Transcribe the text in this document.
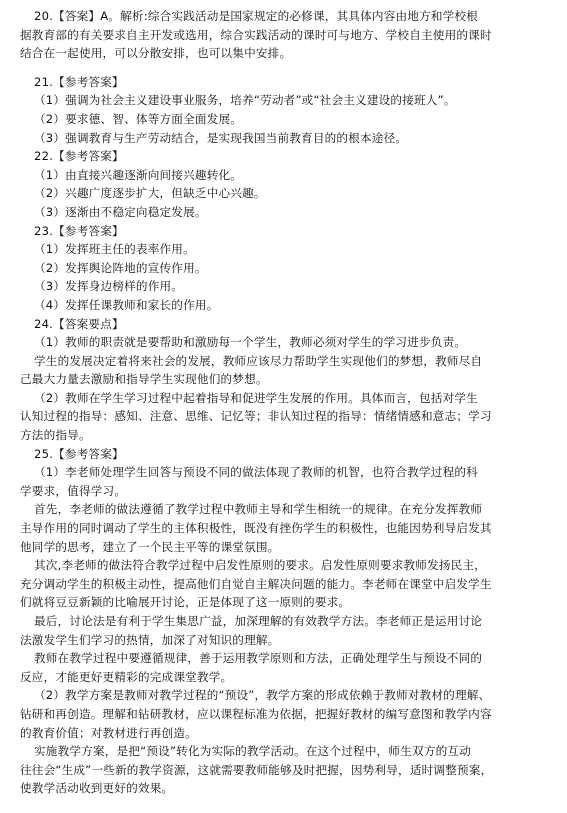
20.【答案】A。解析:综合实践活动是国家规定的必修课，其具体内容由地方和学校根
据教育部的有关要求自主开发或选用，综合实践活动的课时可与地方、学校自主使用的课时
结合在一起使用，可以分散安排，也可以集中安排。
21.【参考答案】
（1）强调为社会主义建设事业服务，培养“劳动者”或“社会主义建设的接班人”。
（2）要求德、智、体等方面全面发展。
（3）强调教育与生产劳动结合，是实现我国当前教育目的的根本途径。
22.【参考答案】
（1）由直接兴趣逐渐向间接兴趣转化。
（2）兴趣广度逐步扩大，但缺乏中心兴趣。
（3）逐渐由不稳定向稳定发展。
23.【参考答案】
（1）发挥班主任的表率作用。
（2）发挥舆论阵地的宣传作用。
（3）发挥身边榜样的作用。
（4）发挥任课教师和家长的作用。
24.【答案要点】
（1）教师的职责就是要帮助和激励每一个学生，教师必须对学生的学习进步负责。
学生的发展决定着将来社会的发展，教师应该尽力帮助学生实现他们的梦想，教师尽自
己最大力量去激励和指导学生实现他们的梦想。
（2）教师在学生学习过程中起着指导和促进学生发展的作用。具体而言，包括对学生
认知过程的指导：感知、注意、思维、记忆等；非认知过程的指导：情绪情感和意志；学习
方法的指导。
25.【参考答案】
（1）李老师处理学生回答与预设不同的做法体现了教师的机智，也符合教学过程的科
学要求，值得学习。
首先，李老师的做法遵循了教学过程中教师主导和学生相统一的规律。在充分发挥教师
主导作用的同时调动了学生的主体积极性，既没有挫伤学生的积极性，也能因势利导启发其
他同学的思考，建立了一个民主平等的课堂氛围。
其次,李老师的做法符合教学过程中启发性原则的要求。启发性原则要求教师发扬民主，
充分调动学生的积极主动性，提高他们自觉自主解决问题的能力。李老师在课堂中启发学生
们就将豆豆新颖的比喻展开讨论，正是体现了这一原则的要求。
最后，讨论法是有利于学生集思广益，加深理解的有效教学方法。李老师正是运用讨论
法激发学生们学习的热情，加深了对知识的理解。
教师在教学过程中要遵循规律，善于运用教学原则和方法，正确处理学生与预设不同的
反应，才能更好更精彩的完成课堂教学。
（2）教学方案是教师对教学过程的“预设”，教学方案的形成依赖于教师对教材的理解、
钻研和再创造。理解和钻研教材，应以课程标准为依据，把握好教材的编写意图和教学内容
的教育价值；对教材进行再创造。
实施教学方案，是把“预设”转化为实际的教学活动。在这个过程中，师生双方的互动
往往会“生成”一些新的教学资源，这就需要教师能够及时把握，因势利导，适时调整预案，
使教学活动收到更好的效果。
